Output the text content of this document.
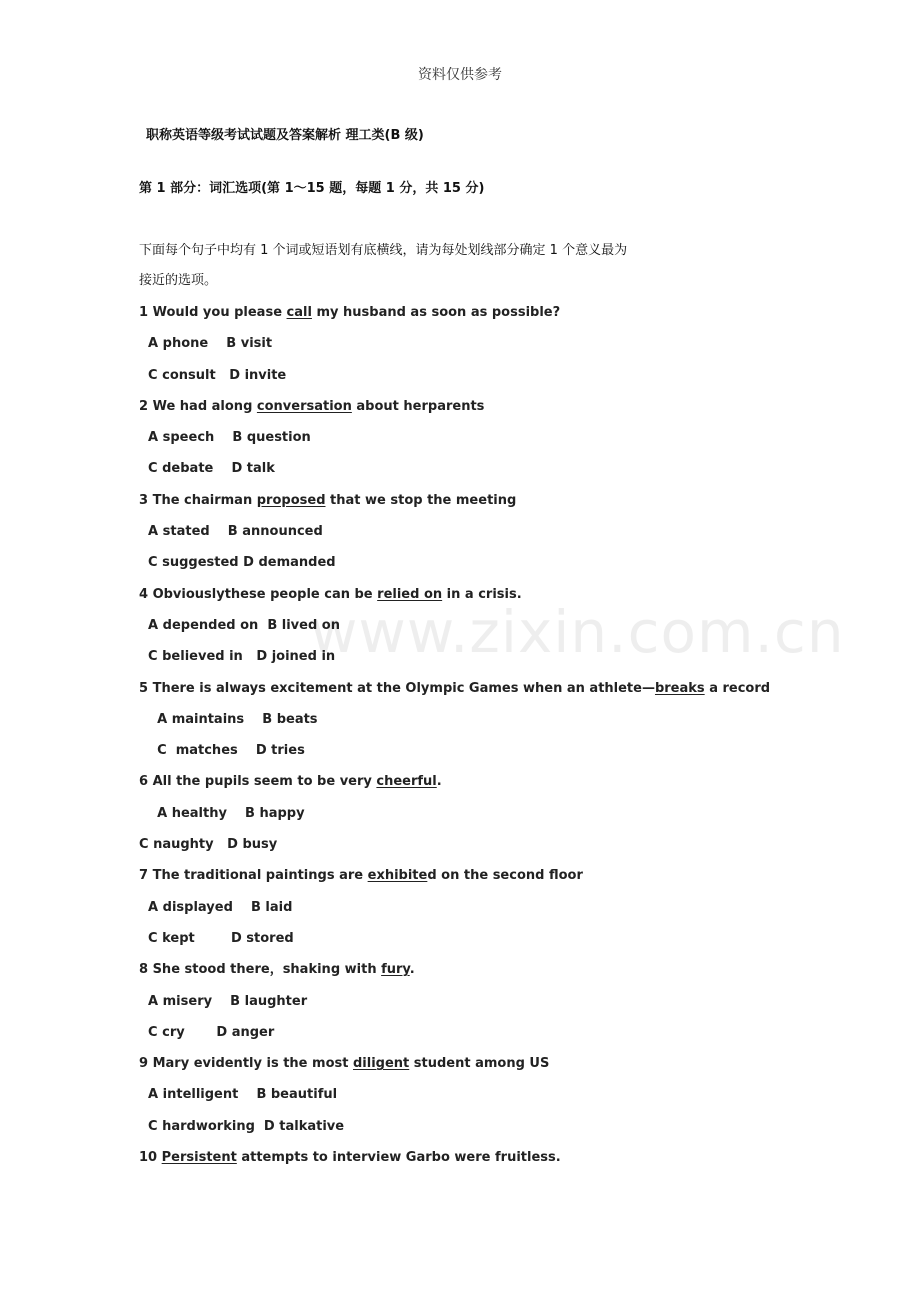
资料仅供参考
职称英语等级考试试题及答案解析 理工类(B 级)
第 1 部分：词汇选项(第 1～15 题，每题 1 分，共 15 分)
下面每个句子中均有 1 个词或短语划有底横线，请为每处划线部分确定 1 个意义最为
接近的选项。
www.zixin.com.cn
1 Would you please call my husband as soon as possible?
A phone    B visit
C consult   D invite
2 We had along conversation about herparents
A speech    B question
C debate    D talk
3 The chairman proposed that we stop the meeting
A stated    B announced
C suggested D demanded
4 Obviouslythese people can be relied on in a crisis.
A depended on  B lived on
C believed in   D joined in
5 There is always excitement at the Olympic Games when an athlete—breaks a record
A maintains    B beats
C  matches    D tries
6 All the pupils seem to be very cheerful.
A healthy    B happy
C naughty   D busy
7 The traditional paintings are exhibited on the second floor
A displayed    B laid
C kept        D stored
8 She stood there，shaking with fury.
A misery    B laughter
C cry       D anger
9 Mary evidently is the most diligent student among US
A intelligent    B beautiful
C hardworking  D talkative
10 Persistent attempts to interview Garbo were fruitless.
